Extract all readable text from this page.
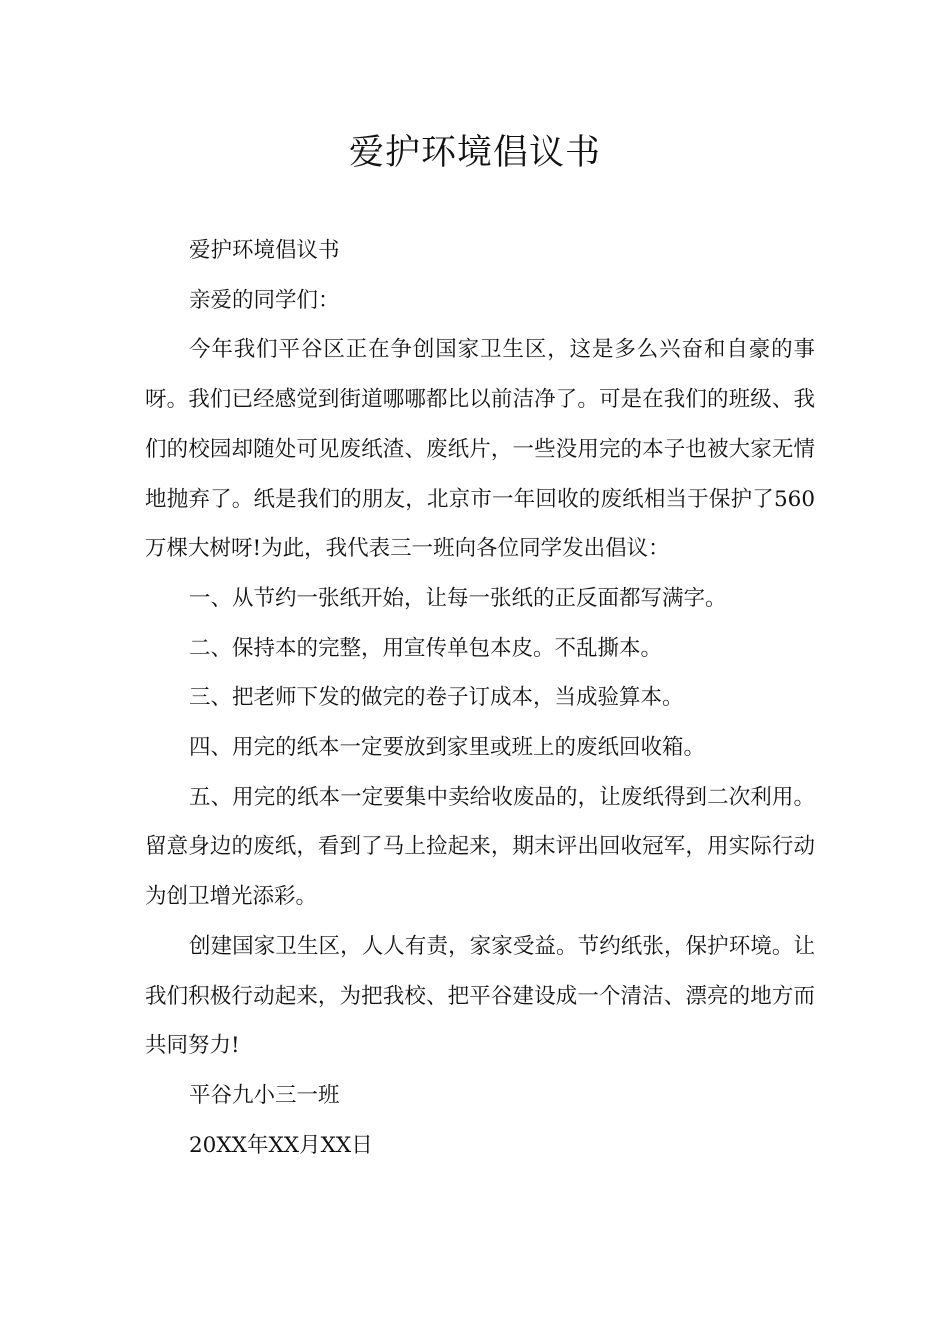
爱护环境倡议书

爱护环境倡议书

亲爱的同学们：

今年我们平谷区正在争创国家卫生区，这是多么兴奋和自豪的事呀。我们已经感觉到街道哪哪都比以前洁净了。可是在我们的班级、我们的校园却随处可见废纸渣、废纸片，一些没用完的本子也被大家无情地抛弃了。纸是我们的朋友，北京市一年回收的废纸相当于保护了560万棵大树呀!为此，我代表三一班向各位同学发出倡议：

一、从节约一张纸开始，让每一张纸的正反面都写满字。

二、保持本的完整，用宣传单包本皮。不乱撕本。

三、把老师下发的做完的卷子订成本，当成验算本。

四、用完的纸本一定要放到家里或班上的废纸回收箱。

五、用完的纸本一定要集中卖给收废品的，让废纸得到二次利用。留意身边的废纸，看到了马上捡起来，期末评出回收冠军，用实际行动为创卫增光添彩。

创建国家卫生区，人人有责，家家受益。节约纸张，保护环境。让我们积极行动起来，为把我校、把平谷建设成一个清洁、漂亮的地方而共同努力!

平谷九小三一班

20XX年XX月XX日
